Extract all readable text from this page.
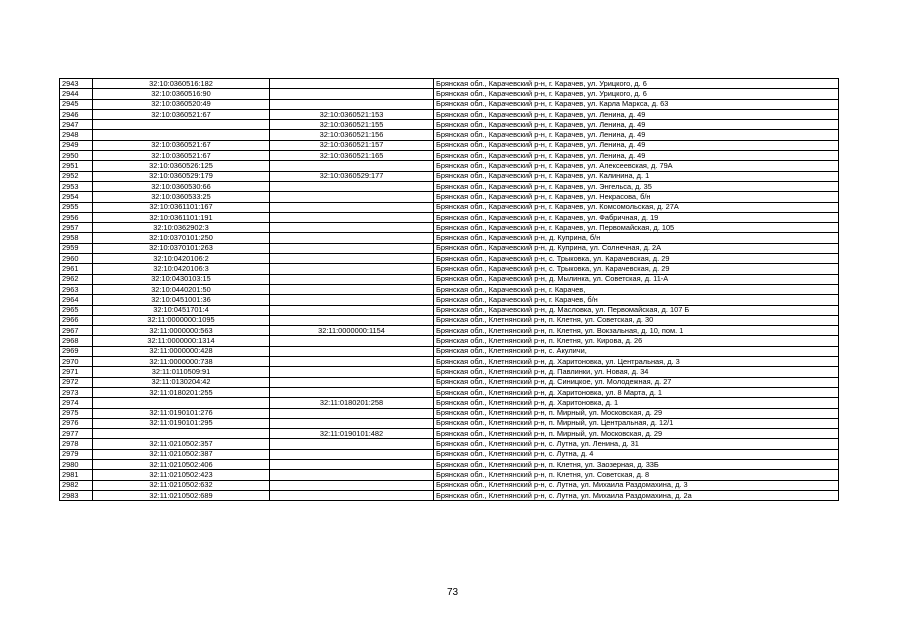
2943	32:10:0360516:182		Брянская обл., Карачевский р-н, г. Карачев, ул. Урицкого, д. 6
2944	32:10:0360516:90		Брянская обл., Карачевский р-н, г. Карачев, ул. Урицкого, д. 6
2945	32:10:0360520:49		Брянская обл., Карачевский р-н, г. Карачев, ул. Карла Маркса, д. 63
2946	32:10:0360521:67	32:10:0360521:153	Брянская обл., Карачевский р-н, г. Карачев, ул. Ленина, д. 49
2947		32:10:0360521:155	Брянская обл., Карачевский р-н, г. Карачев, ул. Ленина, д. 49
2948		32:10:0360521:156	Брянская обл., Карачевский р-н, г. Карачев, ул. Ленина, д. 49
2949	32:10:0360521:67	32:10:0360521:157	Брянская обл., Карачевский р-н, г. Карачев, ул. Ленина, д. 49
2950	32:10:0360521:67	32:10:0360521:165	Брянская обл., Карачевский р-н, г. Карачев, ул. Ленина, д. 49
2951	32:10:0360526:125		Брянская обл., Карачевский р-н, г. Карачев, ул. Алексеевская, д. 79А
2952	32:10:0360529:179	32:10:0360529:177	Брянская обл., Карачевский р-н, г. Карачев, ул. Калинина, д. 1
2953	32:10:0360530:66		Брянская обл., Карачевский р-н, г. Карачев, ул. Энгельса, д. 35
2954	32:10:0360533:25		Брянская обл., Карачевский р-н, г. Карачев, ул. Некрасова, б/н
2955	32:10:0361101:167		Брянская обл., Карачевский р-н, г. Карачев, ул. Комсомольская, д. 27А
2956	32:10:0361101:191		Брянская обл., Карачевский р-н, г. Карачев, ул. Фабричная, д. 19
2957	32:10:0362902:3		Брянская обл., Карачевский р-н, г. Карачев, ул. Первомайская, д. 105
2958	32:10:0370101:250		Брянская обл., Карачевский р-н, д. Куприна, б/н
2959	32:10:0370101:263		Брянская обл., Карачевский р-н, д. Куприна, ул. Солнечная, д. 2А
2960	32:10:0420106:2		Брянская обл., Карачевский р-н, с. Трыковка, ул. Карачевская, д. 29
2961	32:10:0420106:3		Брянская обл., Карачевский р-н, с. Трыковка, ул. Карачевская, д. 29
2962	32:10:0430103:15		Брянская обл., Карачевский р-н, д. Мылинка, ул. Советская, д. 11-А
2963	32:10:0440201:50		Брянская обл., Карачевский р-н, г. Карачев,
2964	32:10:0451001:36		Брянская обл., Карачевский р-н, г. Карачев, б/н
2965	32:10:0451701:4		Брянская обл., Карачевский р-н, д. Масловка, ул. Первомайская, д. 107 Б
2966	32:11:0000000:1095		Брянская обл., Клетнянский р-н, п. Клетня, ул. Советская, д. 30
2967	32:11:0000000:563	32:11:0000000:1154	Брянская обл., Клетнянский р-н, п. Клетня, ул. Вокзальная, д. 10, пом. 1
2968	32:11:0000000:1314		Брянская обл., Клетнянский р-н, п. Клетня, ул. Кирова, д. 26
2969	32:11:0000000:428		Брянская обл., Клетнянский р-н, с. Акуличи,
2970	32:11:0000000:738		Брянская обл., Клетнянский р-н, д. Харитоновка, ул. Центральная, д. 3
2971	32:11:0110509:91		Брянская обл., Клетнянский р-н, д. Павлинки, ул. Новая, д. 34
2972	32:11:0130204:42		Брянская обл., Клетнянский р-н, д. Синицкое, ул. Молодежная, д. 27
2973	32:11:0180201:255		Брянская обл., Клетнянский р-н, д. Харитоновка, ул. 8 Марта, д. 1
2974		32:11:0180201:258	Брянская обл., Клетнянский р-н, д. Харитоновка, д. 1
2975	32:11:0190101:276		Брянская обл., Клетнянский р-н, п. Мирный, ул. Московская, д. 29
2976	32:11:0190101:295		Брянская обл., Клетнянский р-н, п. Мирный, ул. Центральная, д. 12/1
2977		32:11:0190101:482	Брянская обл., Клетнянский р-н, п. Мирный, ул. Московская, д. 29
2978	32:11:0210502:357		Брянская обл., Клетнянский р-н, с. Лутна, ул. Ленина, д. 31
2979	32:11:0210502:387		Брянская обл., Клетнянский р-н, с. Лутна, д. 4
2980	32:11:0210502:406		Брянская обл., Клетнянский р-н, п. Клетня, ул. Заозерная, д. 33Б
2981	32:11:0210502:423		Брянская обл., Клетнянский р-н, п. Клетня, ул. Советская, д. 8
2982	32:11:0210502:632		Брянская обл., Клетнянский р-н, с. Лутна, ул. Михаила Раздомахина, д. 3
2983	32:11:0210502:689		Брянская обл., Клетнянский р-н, с. Лутна, ул. Михаила Раздомахина, д. 2а
73
